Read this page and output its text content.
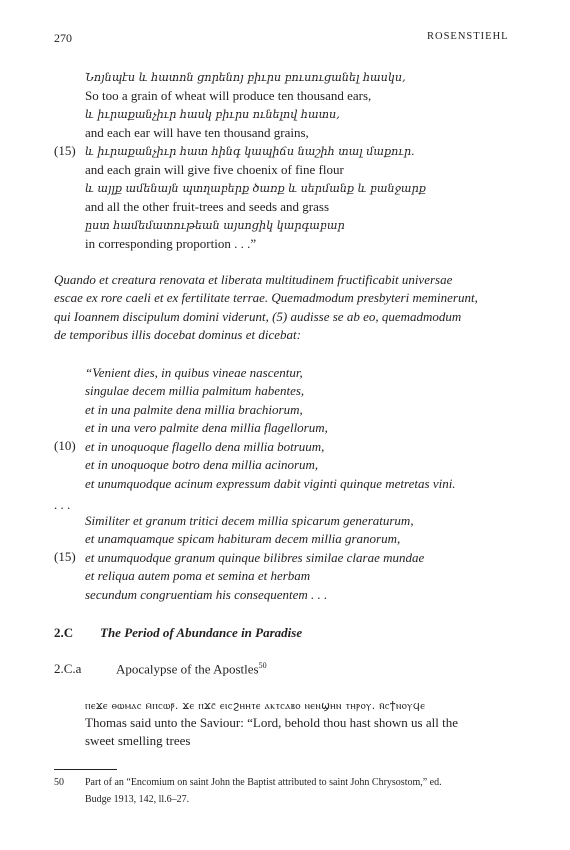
270	ROSENSTIEHL
Նոյնպէս և հատոն ցորենոյ բիւրս բուսուցանել հասկս,
So too a grain of wheat will produce ten thousand ears,
և իւրաքանչիւր հասկ բիւրս ունելով հատս,
and each ear will have ten thousand grains,
և իւրաքանչիւր հատ հինգ կապիճս նաշիհ տալ մաքուր.
(15)
and each grain will give five choenix of fine flour
և այլք ամենայն պտղաբերք ծառք և սերմանք և բանջարք
and all the other fruit-trees and seeds and grass
ըստ համեմատութեան այսոցիկ կարգաբար
in corresponding proportion . . .”
Quando et creatura renovata et liberata multitudinem fructificabit universae
escae ex rore caeli et ex fertilitate terrae. Quemadmodum presbyteri meminerunt,
qui Ioannem discipulum domini viderunt, (5) audisse se ab eo, quemadmodum
de temporibus illis docebat dominus et dicebat:
“Venient dies, in quibus vineae nascentur,
singulae decem millia palmitum habentes,
et in una palmite dena millia brachiorum,
et in una vero palmite dena millia flagellorum,
et in unoquoque flagello dena millia botruum,
(10)
et in unoquoque botro dena millia acinorum,
et unumquodque acinum expressum dabit viginti quinque metretas vini.
. . .
Similiter et granum tritici decem millia spicarum generaturum,
et unamquamque spicam habituram decem millia granorum,
et unumquodque granum quinque bilibres similae clarae mundae
(15)
et reliqua autem poma et semina et herbam
secundum congruentiam his consequentem . . .
2.C The Period of Abundance in Paradise
2.C.a	Apocalypse of the Apostles$^{50}$
ⲡⲉϫⲉ ⲑⲱⲙⲁⲥ ⲙ̄ⲡⲥⲱⲣ̄. ϫⲉ ⲡϫⲥ̄ ⲉⲓⲥϩⲏⲏⲧⲉ ⲁⲕⲧⲥⲁⲃⲟ ⲛⲉⲛϣⲏⲛ ⲧⲏⲣⲟⲩ. ⲛ̄ⲥϯⲛⲟⲩϥⲉ
Thomas said unto the Saviour: “Lord, behold thou hast shown us all the
sweet smelling trees
50 Part of an “Encomium on saint John the Baptist attributed to saint John Chrysostom,” ed.
Budge 1913, 142, ll.6–27.
